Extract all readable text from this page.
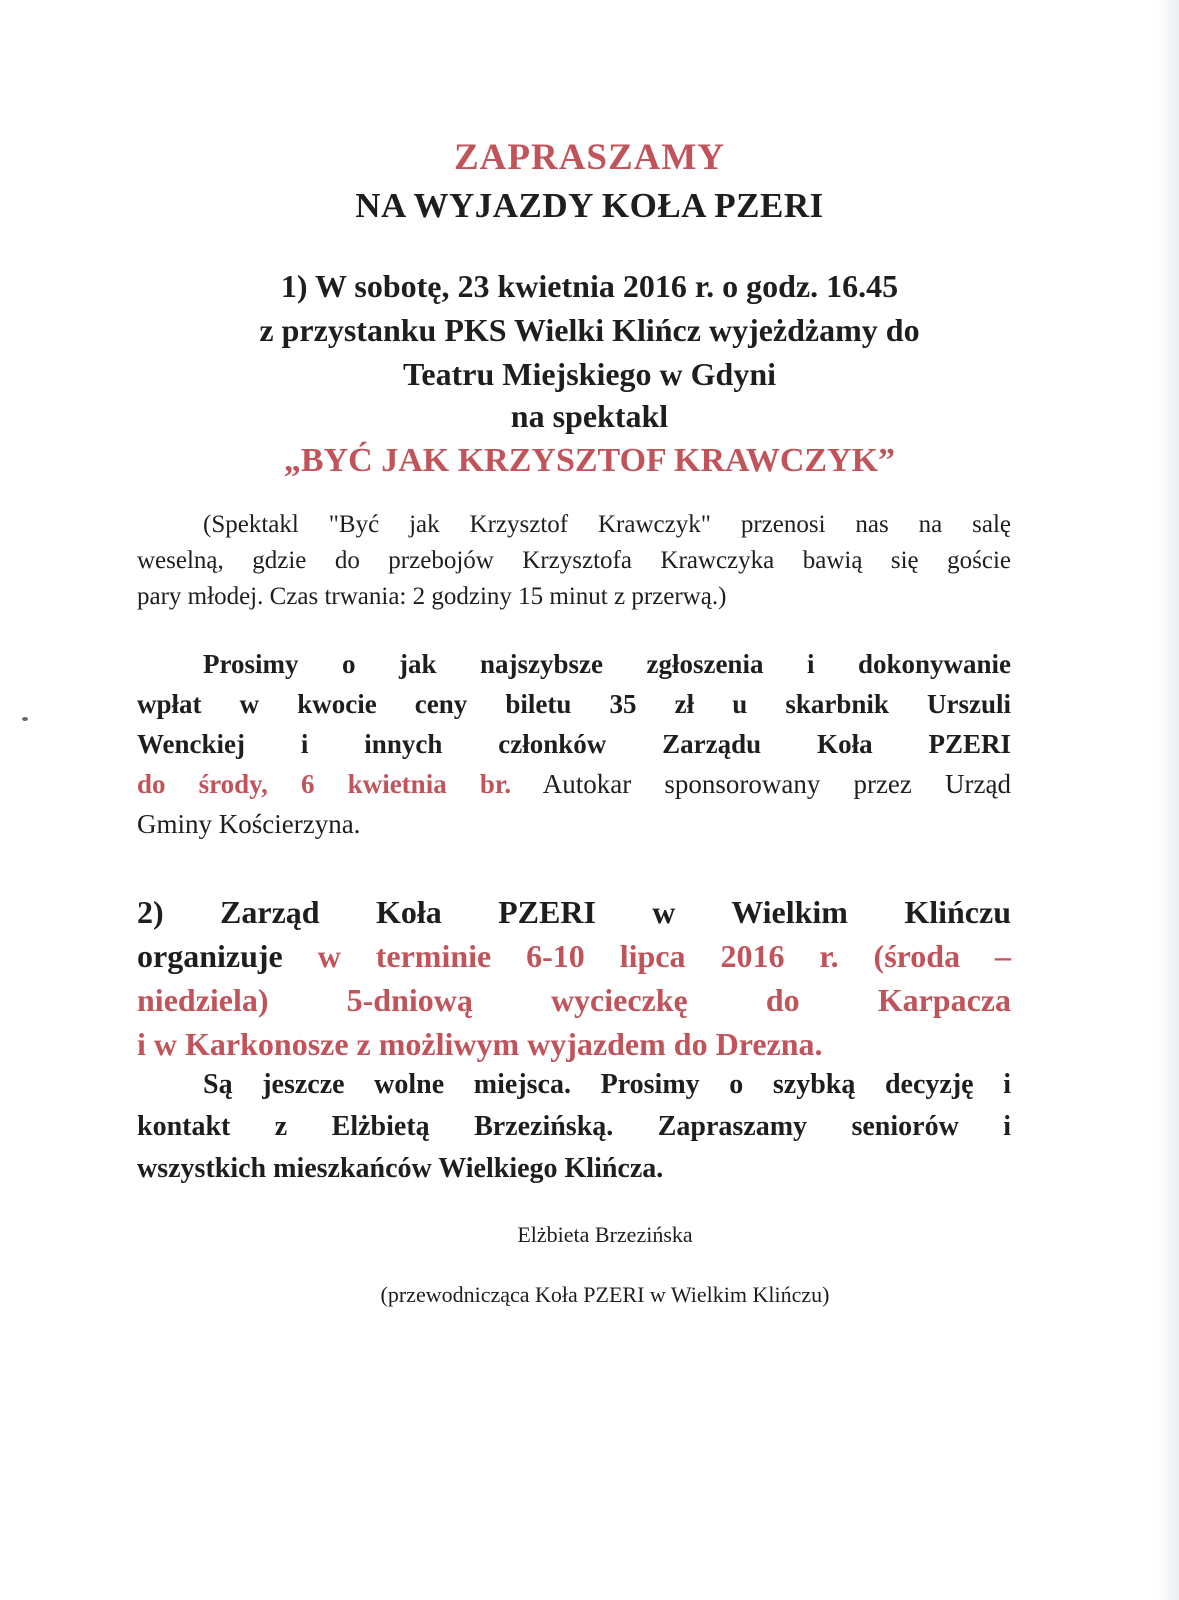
ZAPRASZAMY
NA WYJAZDY KOŁA PZERI
1) W sobotę, 23 kwietnia 2016 r. o godz. 16.45
z przystanku PKS Wielki Klińcz wyjeżdżamy do
Teatru Miejskiego w Gdyni
na spektakl
„BYĆ JAK KRZYSZTOF KRAWCZYK”
(Spektakl "Być jak Krzysztof Krawczyk" przenosi nas na salę
weselną, gdzie do przebojów Krzysztofa Krawczyka bawią się goście
pary młodej. Czas trwania: 2 godziny 15 minut z przerwą.)
Prosimy o jak najszybsze zgłoszenia i dokonywanie
wpłat w kwocie ceny biletu 35 zł u skarbnik Urszuli
Wenckiej i innych członków Zarządu Koła PZERI
do środy, 6 kwietnia br. Autokar sponsorowany przez Urząd
Gminy Kościerzyna.
2) Zarząd Koła PZERI w Wielkim Klińczu
organizuje w terminie 6-10 lipca 2016 r. (środa –
niedziela) 5-dniową wycieczkę do Karpacza
i w Karkonosze z możliwym wyjazdem do Drezna.
Są jeszcze wolne miejsca. Prosimy o szybką decyzję i
kontakt z Elżbietą Brzezińską. Zapraszamy seniorów i
wszystkich mieszkańców Wielkiego Klińcza.
Elżbieta Brzezińska
(przewodnicząca Koła PZERI w Wielkim Klińczu)
